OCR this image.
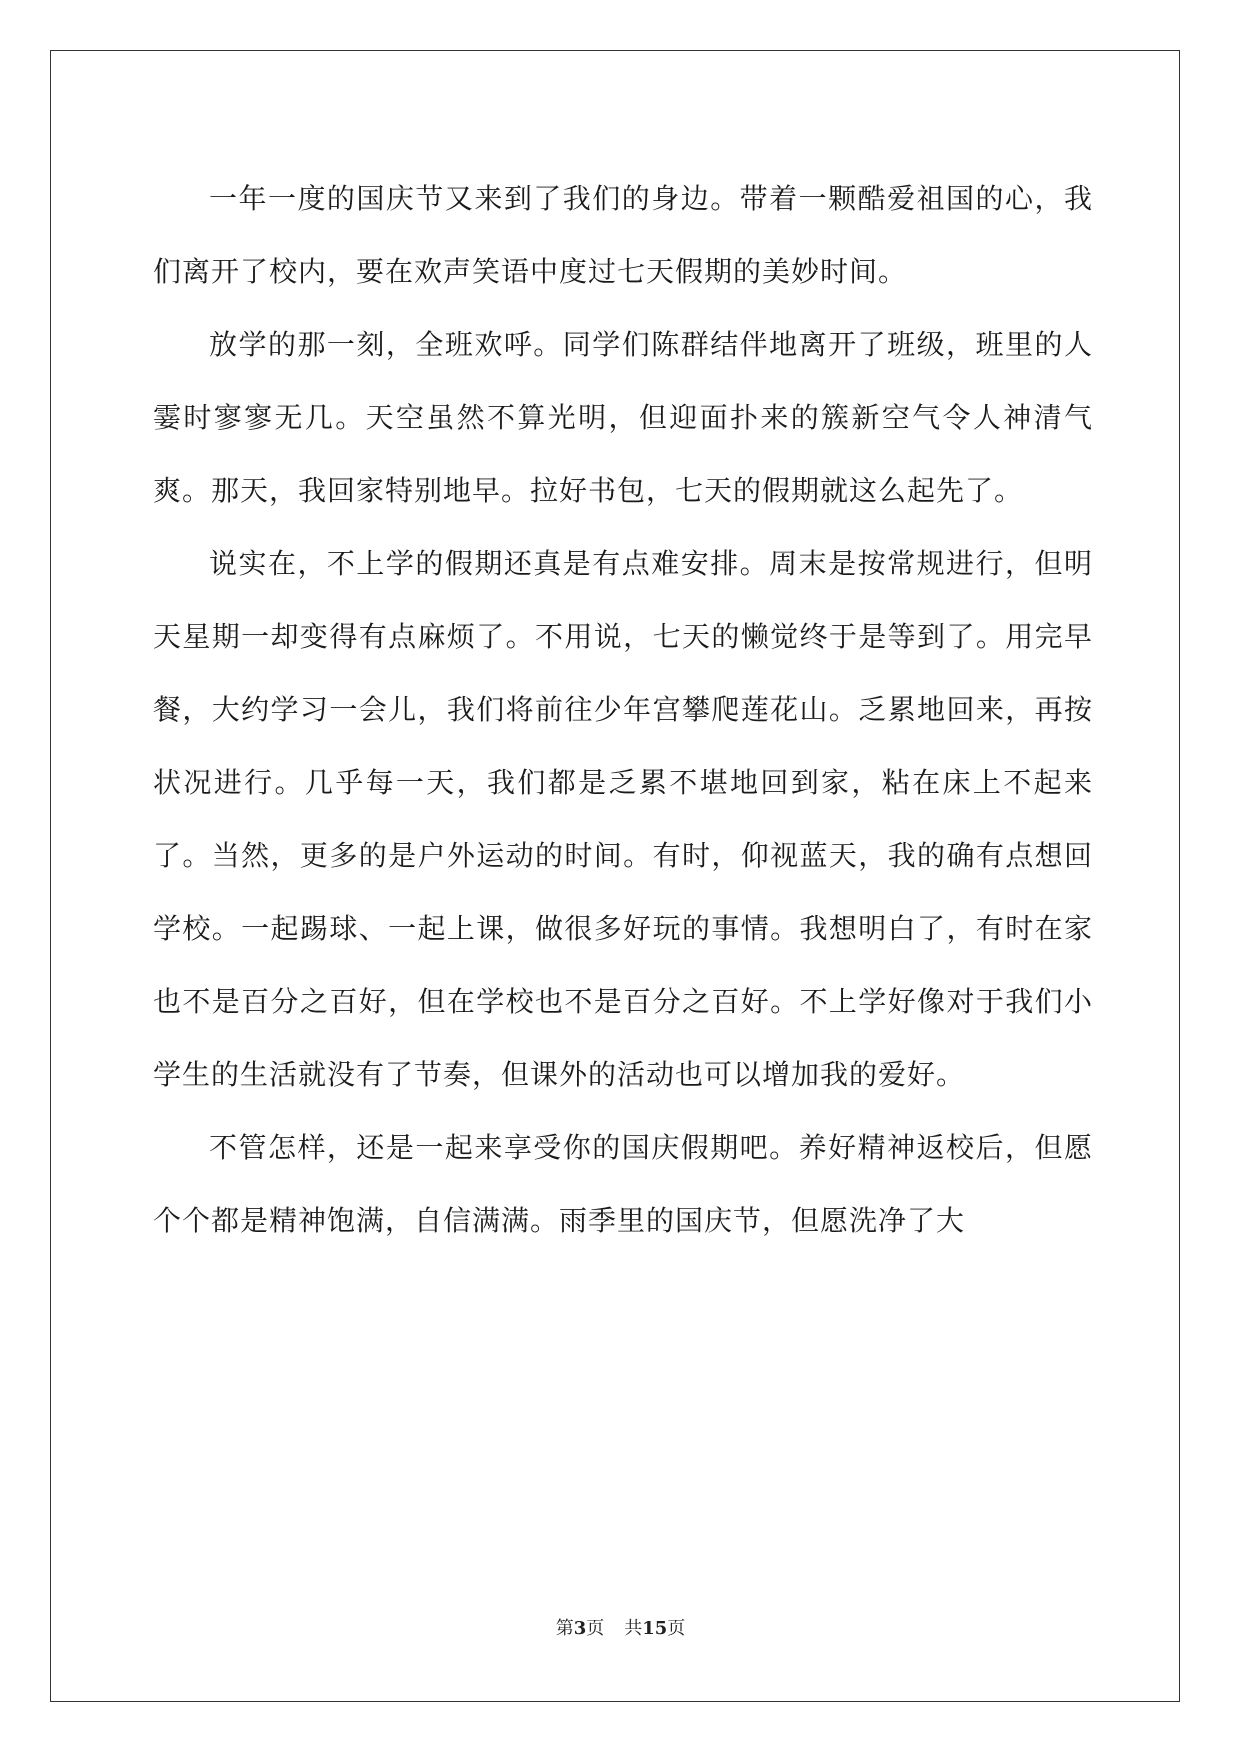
一年一度的国庆节又来到了我们的身边。带着一颗酷爱祖国的心，我们离开了校内，要在欢声笑语中度过七天假期的美妙时间。

放学的那一刻，全班欢呼。同学们陈群结伴地离开了班级，班里的人霎时寥寥无几。天空虽然不算光明，但迎面扑来的簇新空气令人神清气爽。那天，我回家特别地早。拉好书包，七天的假期就这么起先了。

说实在，不上学的假期还真是有点难安排。周末是按常规进行，但明天星期一却变得有点麻烦了。不用说，七天的懒觉终于是等到了。用完早餐，大约学习一会儿，我们将前往少年宫攀爬莲花山。乏累地回来，再按状况进行。几乎每一天，我们都是乏累不堪地回到家，粘在床上不起来了。当然，更多的是户外运动的时间。有时，仰视蓝天，我的确有点想回学校。一起踢球、一起上课，做很多好玩的事情。我想明白了，有时在家也不是百分之百好，但在学校也不是百分之百好。不上学好像对于我们小学生的生活就没有了节奏，但课外的活动也可以增加我的爱好。

不管怎样，还是一起来享受你的国庆假期吧。养好精神返校后，但愿个个都是精神饱满，自信满满。雨季里的国庆节，但愿洗净了大

第3页 共15页
